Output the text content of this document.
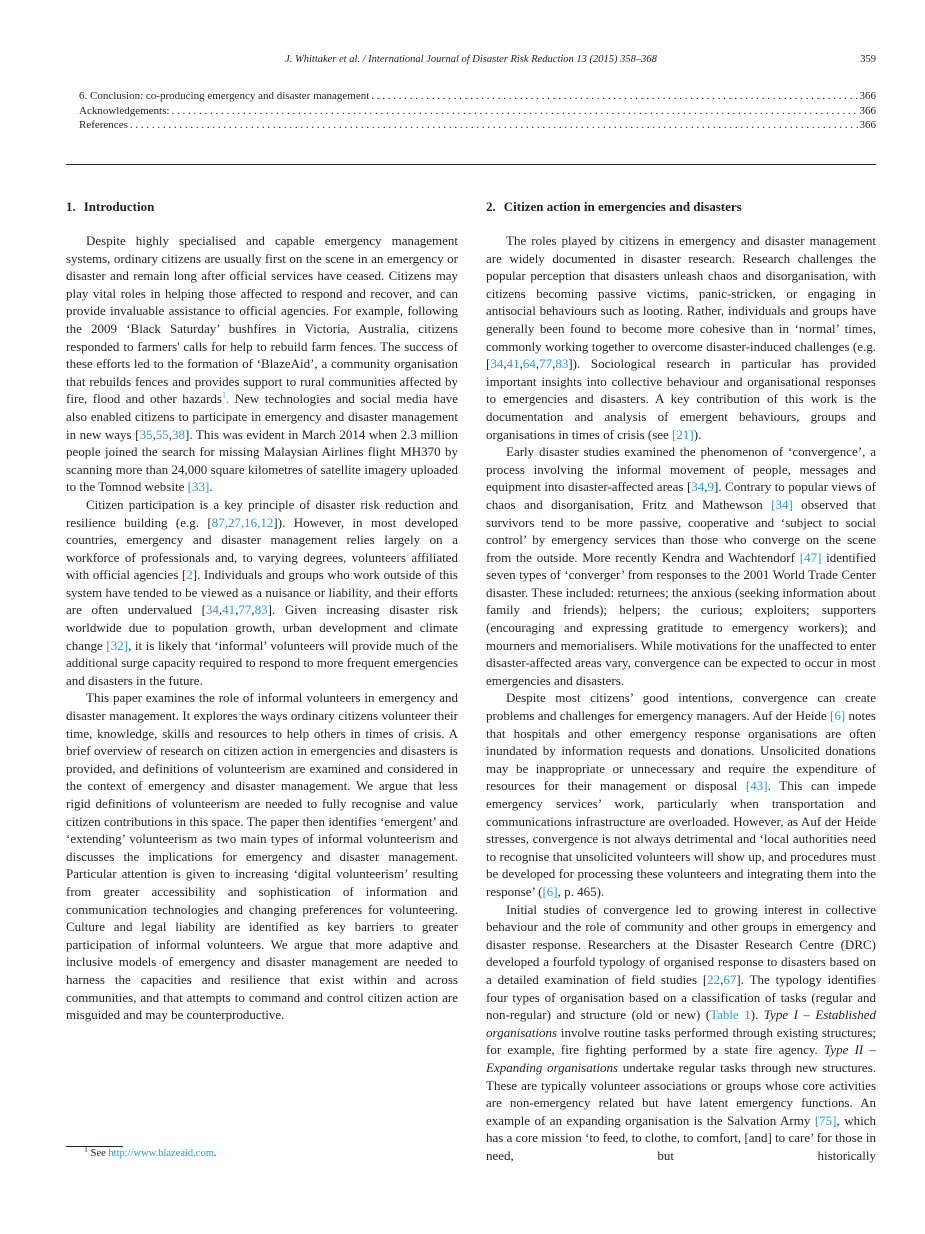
J. Whittaker et al. / International Journal of Disaster Risk Reduction 13 (2015) 358–368	359
6. Conclusion: co-producing emergency and disaster management . . .	366
Acknowledgements: . . .	366
References . . .	366
1. Introduction

Despite highly specialised and capable emergency management systems, ordinary citizens are usually first on the scene in an emergency or disaster and remain long after official services have ceased. Citizens may play vital roles in helping those affected to respond and recover, and can provide invaluable assistance to official agencies. For example, following the 2009 ‘Black Saturday’ bushfires in Victoria, Australia, citizens responded to farmers' calls for help to rebuild farm fences. The success of these efforts led to the formation of ‘BlazeAid’, a community organisation that rebuilds fences and provides support to rural communities affected by fire, flood and other hazards$^1$. New technologies and social media have also enabled citizens to participate in emergency and disaster management in new ways [35,55,38]. This was evident in March 2014 when 2.3 million people joined the search for missing Malaysian Airlines flight MH370 by scanning more than 24,000 square kilometres of satellite imagery uploaded to the Tomnod website [33].

Citizen participation is a key principle of disaster risk reduction and resilience building (e.g. [87,27,16,12]). However, in most developed countries, emergency and disaster management relies largely on a workforce of professionals and, to varying degrees, volunteers affiliated with official agencies [2]. Individuals and groups who work outside of this system have tended to be viewed as a nuisance or liability, and their efforts are often undervalued [34,41,77,83]. Given increasing disaster risk worldwide due to population growth, urban development and climate change [32], it is likely that ‘informal’ volunteers will provide much of the additional surge capacity required to respond to more frequent emergencies and disasters in the future.

This paper examines the role of informal volunteers in emergency and disaster management. It explores the ways ordinary citizens volunteer their time, knowledge, skills and resources to help others in times of crisis. A brief overview of research on citizen action in emergencies and disasters is provided, and definitions of volunteerism are examined and considered in the context of emergency and disaster management. We argue that less rigid definitions of volunteerism are needed to fully recognise and value citizen contributions in this space. The paper then identifies ‘emergent’ and ‘extending’ volunteerism as two main types of informal volunteerism and discusses the implications for emergency and disaster management. Particular attention is given to increasing ‘digital volunteerism’ resulting from greater accessibility and sophistication of information and communication technologies and changing preferences for volunteering. Culture and legal liability are identified as key barriers to greater participation of informal volunteers. We argue that more adaptive and inclusive models of emergency and disaster management are needed to harness the capacities and resilience that exist within and across communities, and that attempts to command and control citizen action are misguided and may be counterproductive.

2. Citizen action in emergencies and disasters

The roles played by citizens in emergency and disaster management are widely documented in disaster research. Research challenges the popular perception that disasters unleash chaos and disorganisation, with citizens becoming passive victims, panic-stricken, or engaging in antisocial behaviours such as looting. Rather, individuals and groups have generally been found to become more cohesive than in ‘normal’ times, commonly working together to overcome disaster-induced challenges (e.g. [34,41,64,77,83]). Sociological research in particular has provided important insights into collective behaviour and organisational responses to emergencies and disasters. A key contribution of this work is the documentation and analysis of emergent behaviours, groups and organisations in times of crisis (see [21]).

Early disaster studies examined the phenomenon of ‘convergence’, a process involving the informal movement of people, messages and equipment into disaster-affected areas [34,9]. Contrary to popular views of chaos and disorganisation, Fritz and Mathewson [34] observed that survivors tend to be more passive, cooperative and ‘subject to social control’ by emergency services than those who converge on the scene from the outside. More recently Kendra and Wachtendorf [47] identified seven types of ‘converger’ from responses to the 2001 World Trade Center disaster. These included: returnees; the anxious (seeking information about family and friends); helpers; the curious; exploiters; supporters (encouraging and expressing gratitude to emergency workers); and mourners and memorialisers. While motivations for the unaffected to enter disaster-affected areas vary, convergence can be expected to occur in most emergencies and disasters.

Despite most citizens’ good intentions, convergence can create problems and challenges for emergency managers. Auf der Heide [6] notes that hospitals and other emergency response organisations are often inundated by information requests and donations. Unsolicited donations may be inappropriate or unnecessary and require the expenditure of resources for their management or disposal [43]. This can impede emergency services’ work, particularly when transportation and communications infrastructure are overloaded. However, as Auf der Heide stresses, convergence is not always detrimental and ‘local authorities need to recognise that unsolicited volunteers will show up, and procedures must be developed for processing these volunteers and integrating them into the response’ ([6], p. 465).

Initial studies of convergence led to growing interest in collective behaviour and the role of community and other groups in emergency and disaster response. Researchers at the Disaster Research Centre (DRC) developed a fourfold typology of organised response to disasters based on a detailed examination of field studies [22,67]. The typology identifies four types of organisation based on a classification of tasks (regular and non-regular) and structure (old or new) (Table 1). Type I – Established organisations involve routine tasks performed through existing structures; for example, fire fighting performed by a state fire agency. Type II – Expanding organisations undertake regular tasks through new structures. These are typically volunteer associations or groups whose core activities are non-emergency related but have latent emergency functions. An example of an expanding organisation is the Salvation Army [75], which has a core mission ‘to feed, to clothe, to comfort, [and] to care’ for those in need, but historically

$^1$ See http://www.blazeaid.com.
